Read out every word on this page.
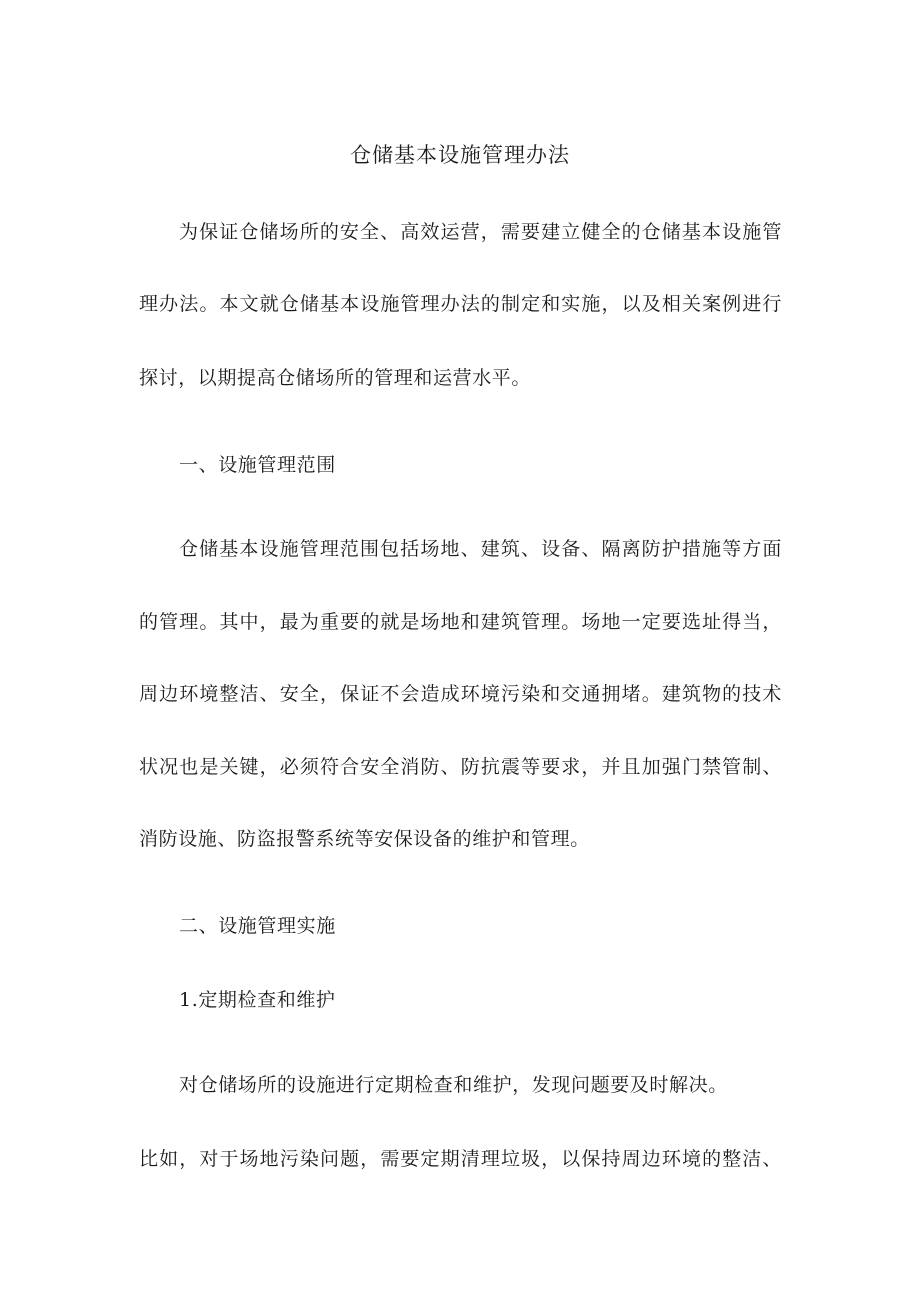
仓储基本设施管理办法
为保证仓储场所的安全、高效运营，需要建立健全的仓储基本设施管
理办法。本文就仓储基本设施管理办法的制定和实施，以及相关案例进行
探讨，以期提高仓储场所的管理和运营水平。
一、设施管理范围
仓储基本设施管理范围包括场地、建筑、设备、隔离防护措施等方面
的管理。其中，最为重要的就是场地和建筑管理。场地一定要选址得当，
周边环境整洁、安全，保证不会造成环境污染和交通拥堵。建筑物的技术
状况也是关键，必须符合安全消防、防抗震等要求，并且加强门禁管制、
消防设施、防盗报警系统等安保设备的维护和管理。
二、设施管理实施
1.定期检查和维护
对仓储场所的设施进行定期检查和维护，发现问题要及时解决。
比如，对于场地污染问题，需要定期清理垃圾，以保持周边环境的整洁、
